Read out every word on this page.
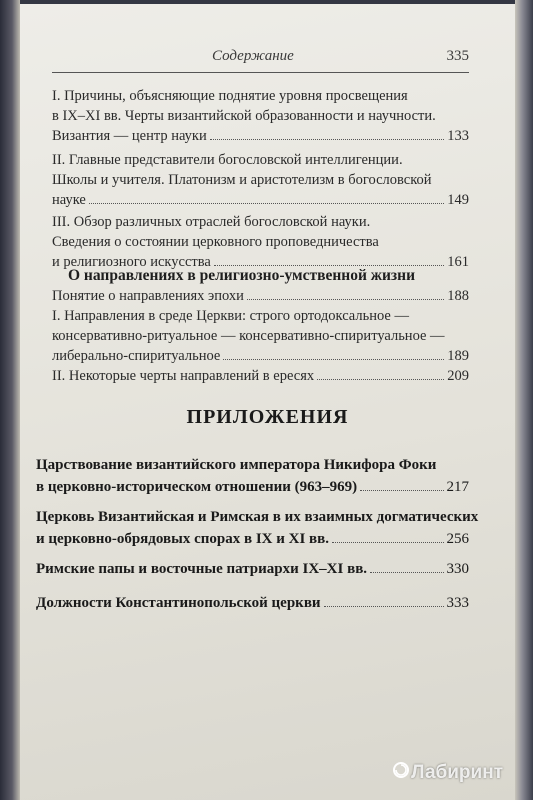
Содержание	335
I. Причины, объясняющие поднятие уровня просвещения
в IX–XI вв. Черты византийской образованности и научности.
Византия — центр науки	133
II. Главные представители богословской интеллигенции.
Школы и учителя. Платонизм и аристотелизм в богословской
науке	149
III. Обзор различных отраслей богословской науки.
Сведения о состоянии церковного проповедничества
и религиозного искусства	161
О направлениях в религиозно-умственной жизни
Понятие о направлениях эпохи	188
I. Направления в среде Церкви: строго ортодоксальное —
консервативно-ритуальное — консервативно-спиритуальное —
либерально-спиритуальное	189
II. Некоторые черты направлений в ересях	209
ПРИЛОЖЕНИЯ
Царствование византийского императора Никифора Фоки
в церковно-историческом отношении (963–969)	217
Церковь Византийская и Римская в их взаимных догматических
и церковно-обрядовых спорах в IX и XI вв.	256
Римские папы и восточные патриархи IX–XI вв.	330
Должности Константинопольской церкви	333
Лабиринт
